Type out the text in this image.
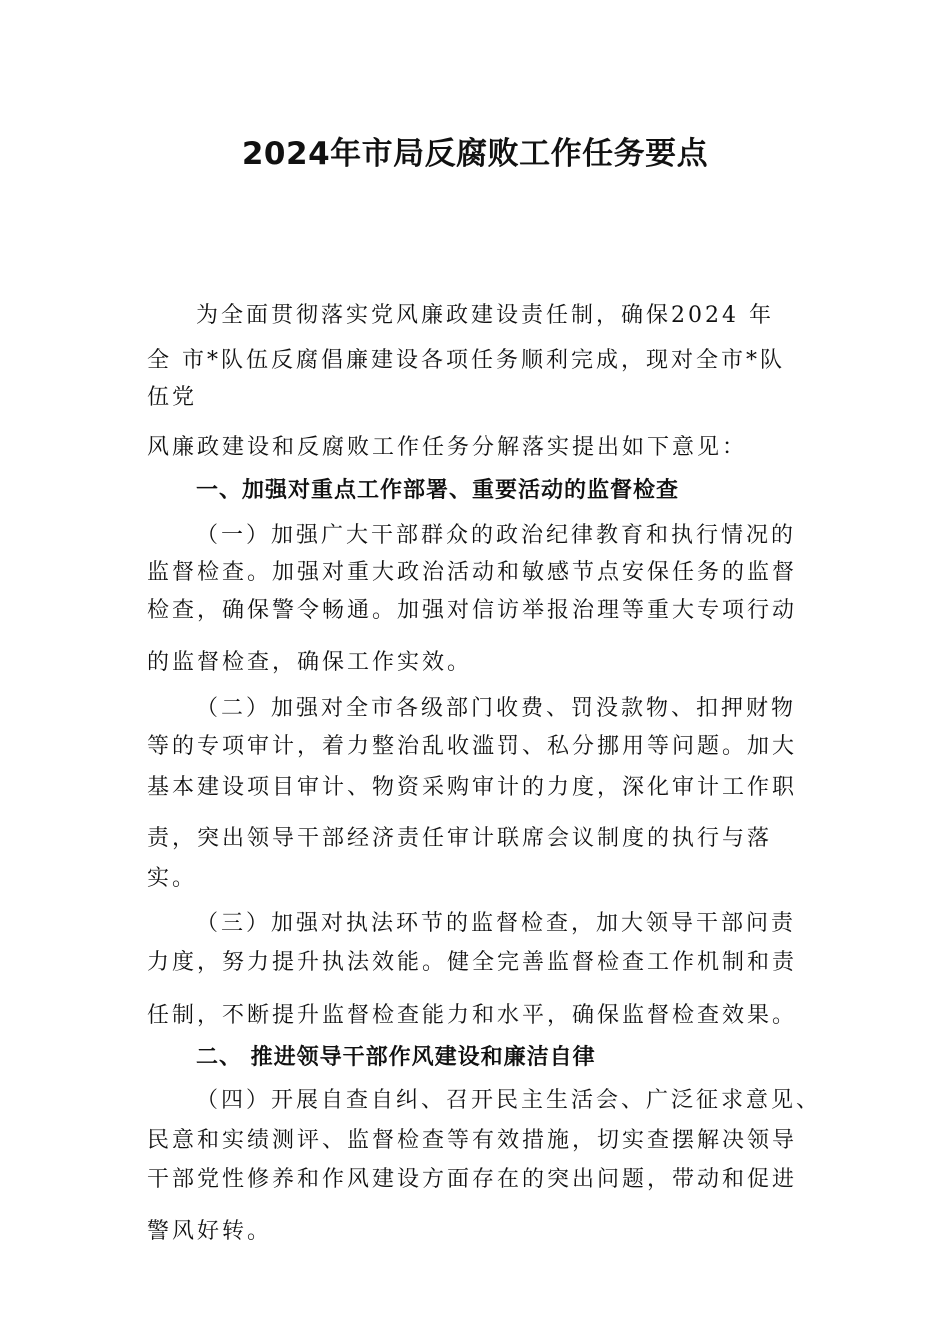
2024年市局反腐败工作任务要点
为全面贯彻落实党风廉政建设责任制，确保2024 年
全 市*队伍反腐倡廉建设各项任务顺利完成，现对全市*队
伍党
风廉政建设和反腐败工作任务分解落实提出如下意见：
一、加强对重点工作部署、重要活动的监督检查
（一）加强广大干部群众的政治纪律教育和执行情况的
监督检查。加强对重大政治活动和敏感节点安保任务的监督
检查，确保警令畅通。加强对信访举报治理等重大专项行动
的监督检查，确保工作实效。
（二）加强对全市各级部门收费、罚没款物、扣押财物
等的专项审计，着力整治乱收滥罚、私分挪用等问题。加大
基本建设项目审计、物资采购审计的力度，深化审计工作职
责，突出领导干部经济责任审计联席会议制度的执行与落
实。
（三）加强对执法环节的监督检查，加大领导干部问责
力度，努力提升执法效能。健全完善监督检查工作机制和责
任制，不断提升监督检查能力和水平，确保监督检查效果。
二、 推进领导干部作风建设和廉洁自律
（四）开展自查自纠、召开民主生活会、广泛征求意见、
民意和实绩测评、监督检查等有效措施，切实查摆解决领导
干部党性修养和作风建设方面存在的突出问题，带动和促进
警风好转。
